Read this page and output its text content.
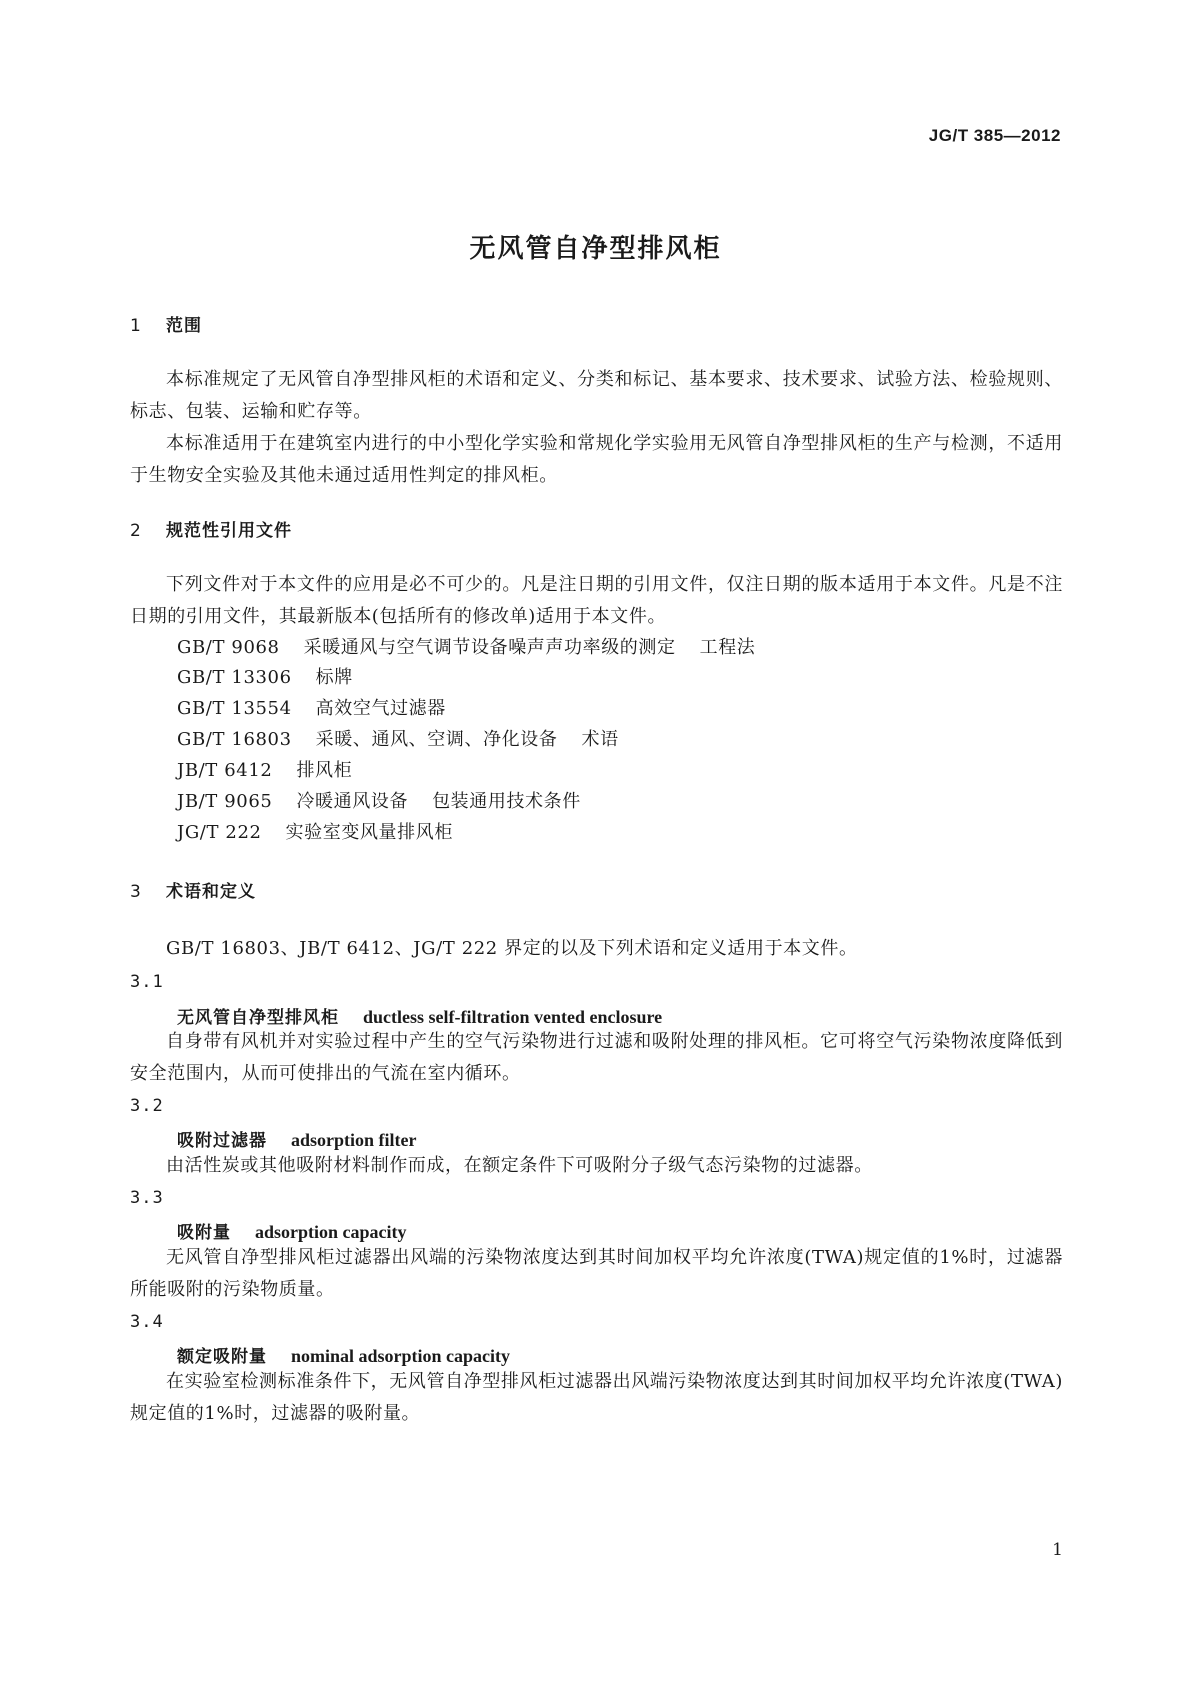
JG/T 385—2012
无风管自净型排风柜
1 范围
本标准规定了无风管自净型排风柜的术语和定义、分类和标记、基本要求、技术要求、试验方法、检验规则、标志、包装、运输和贮存等。
本标准适用于在建筑室内进行的中小型化学实验和常规化学实验用无风管自净型排风柜的生产与检测，不适用于生物安全实验及其他未通过适用性判定的排风柜。
2 规范性引用文件
下列文件对于本文件的应用是必不可少的。凡是注日期的引用文件，仅注日期的版本适用于本文件。凡是不注日期的引用文件，其最新版本(包括所有的修改单)适用于本文件。
GB/T 9068 采暖通风与空气调节设备噪声声功率级的测定 工程法
GB/T 13306 标牌
GB/T 13554 高效空气过滤器
GB/T 16803 采暖、通风、空调、净化设备 术语
JB/T 6412 排风柜
JB/T 9065 冷暖通风设备 包装通用技术条件
JG/T 222 实验室变风量排风柜
3 术语和定义
GB/T 16803、JB/T 6412、JG/T 222 界定的以及下列术语和定义适用于本文件。
3.1
无风管自净型排风柜 ductless self-filtration vented enclosure
自身带有风机并对实验过程中产生的空气污染物进行过滤和吸附处理的排风柜。它可将空气污染物浓度降低到安全范围内，从而可使排出的气流在室内循环。
3.2
吸附过滤器 adsorption filter
由活性炭或其他吸附材料制作而成，在额定条件下可吸附分子级气态污染物的过滤器。
3.3
吸附量 adsorption capacity
无风管自净型排风柜过滤器出风端的污染物浓度达到其时间加权平均允许浓度(TWA)规定值的1%时，过滤器所能吸附的污染物质量。
3.4
额定吸附量 nominal adsorption capacity
在实验室检测标准条件下，无风管自净型排风柜过滤器出风端污染物浓度达到其时间加权平均允许浓度(TWA)规定值的1%时，过滤器的吸附量。
1
